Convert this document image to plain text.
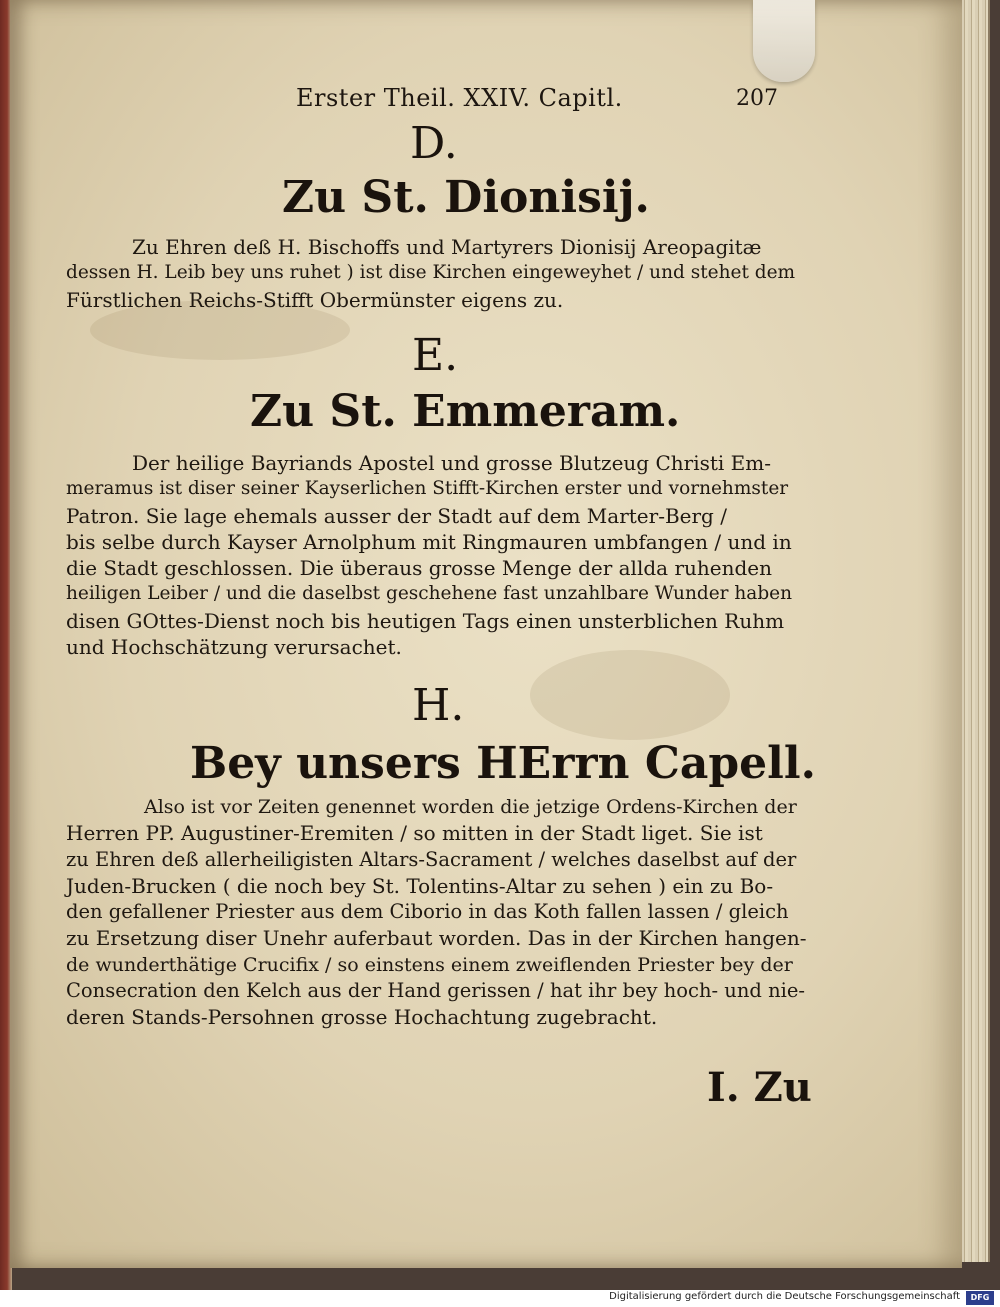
Erster Theil. XXIV. Capitl.	207
D.
Zu St. Dionisij.
Zu Ehren deß H. Bischoffs und Martyrers Dionisij Areopagitæ
dessen H. Leib bey uns ruhet ) ist dise Kirchen eingeweyhet / und stehet dem
Fürstlichen Reichs-Stifft Obermünster eigens zu.
E.
Zu St. Emmeram.
Der heilige Bayriands Apostel und grosse Blutzeug Christi Em-
meramus ist diser seiner Kayserlichen Stifft-Kirchen erster und vornehmster
Patron. Sie lage ehemals ausser der Stadt auf dem Marter-Berg /
bis selbe durch Kayser Arnolphum mit Ringmauren umbfangen / und in
die Stadt geschlossen. Die überaus grosse Menge der allda ruhenden
heiligen Leiber / und die daselbst geschehene fast unzahlbare Wunder haben
disen GOttes-Dienst noch bis heutigen Tags einen unsterblichen Ruhm
und Hochschätzung verursachet.
H.
Bey unsers HErrn Capell.
Also ist vor Zeiten genennet worden die jetzige Ordens-Kirchen der
Herren PP. Augustiner-Eremiten / so mitten in der Stadt liget. Sie ist
zu Ehren deß allerheiligisten Altars-Sacrament / welches daselbst auf der
Juden-Brucken ( die noch bey St. Tolentins-Altar zu sehen ) ein zu Bo-
den gefallener Priester aus dem Ciborio in das Koth fallen lassen / gleich
zu Ersetzung diser Unehr auferbaut worden. Das in der Kirchen hangen-
de wunderthätige Crucifix / so einstens einem zweiflenden Priester bey der
Consecration den Kelch aus der Hand gerissen / hat ihr bey hoch- und nie-
deren Stands-Persohnen grosse Hochachtung zugebracht.
I. Zu
Digitalisierung gefördert durch die Deutsche Forschungsgemeinschaft	DFG
